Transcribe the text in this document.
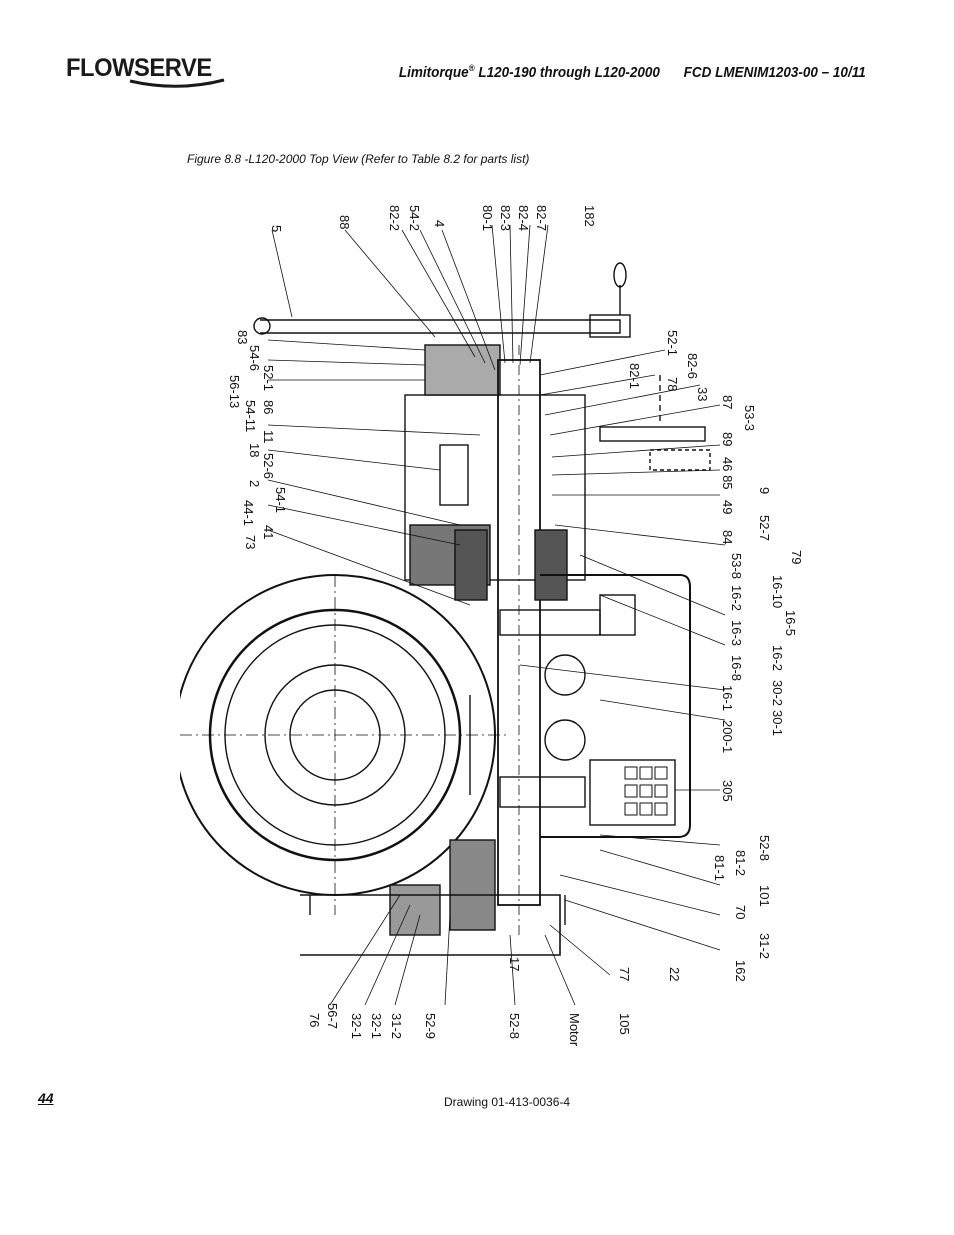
FLOWSERVE	Limitorque® L120-190 through L120-2000 FCD LMENIM1203-00 – 10/11
Figure 8.8 -L120-2000 Top View (Refer to Table 8.2 for parts list)
5	88	82-2 54-2 4	80-1 82-3 82-4 82-7	182
83
54-6
52-1
56-13 86
54-11
11
18
52-6
2
54-1
44-1
73
41
52-1
82-1	82-6
78
33
87
53-3
89
46 85
9
49
52-7
84
79
53-8
16-10
16-2
16-5
16-3
16-2
16-8
30-2
16-1
30-1
200-1
305
52-8
81-1 81-2
101
70
31-2
162
22
77
105
76 56-7 32-1 32-1 31-2 52-9	52-8
17
Motor
44	Drawing 01-413-0036-4
